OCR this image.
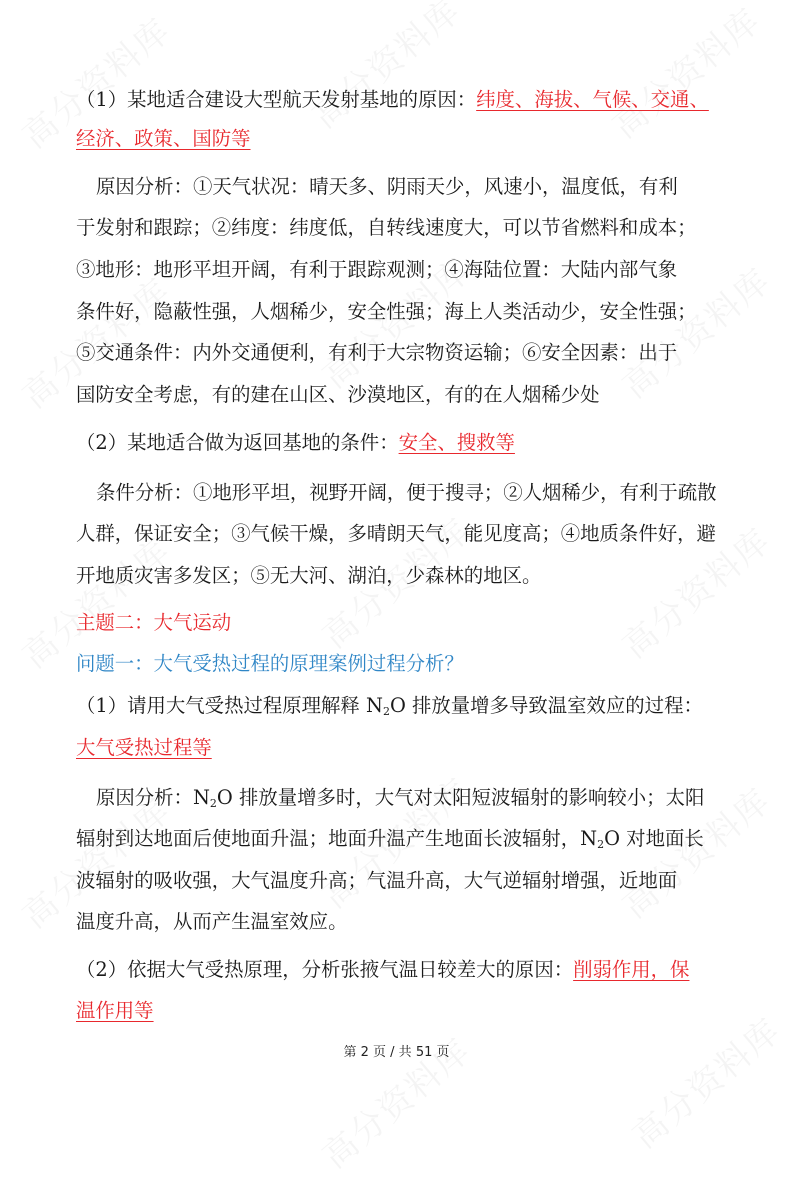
（1）某地适合建设大型航天发射基地的原因：纬度、海拔、气候、交通、
经济、政策、国防等
原因分析：①天气状况：晴天多、阴雨天少，风速小，温度低，有利
于发射和跟踪；②纬度：纬度低，自转线速度大，可以节省燃料和成本；
③地形：地形平坦开阔，有利于跟踪观测；④海陆位置：大陆内部气象
条件好，隐蔽性强，人烟稀少，安全性强；海上人类活动少，安全性强；
⑤交通条件：内外交通便利，有利于大宗物资运输；⑥安全因素：出于
国防安全考虑，有的建在山区、沙漠地区，有的在人烟稀少处
（2）某地适合做为返回基地的条件：安全、搜救等
条件分析：①地形平坦，视野开阔，便于搜寻；②人烟稀少，有利于疏散
人群，保证安全；③气候干燥，多晴朗天气，能见度高；④地质条件好，避
开地质灾害多发区；⑤无大河、湖泊，少森林的地区。
主题二：大气运动
问题一：大气受热过程的原理案例过程分析？
（1）请用大气受热过程原理解释 $N_2O$ 排放量增多导致温室效应的过程：
大气受热过程等
原因分析：$N_2O$ 排放量增多时，大气对太阳短波辐射的影响较小；太阳
辐射到达地面后使地面升温；地面升温产生地面长波辐射，$N_2O$ 对地面长
波辐射的吸收强，大气温度升高；气温升高，大气逆辐射增强，近地面
温度升高，从而产生温室效应。
（2）依据大气受热原理，分析张掖气温日较差大的原因：削弱作用，保
温作用等
第 2 页 / 共 51 页
